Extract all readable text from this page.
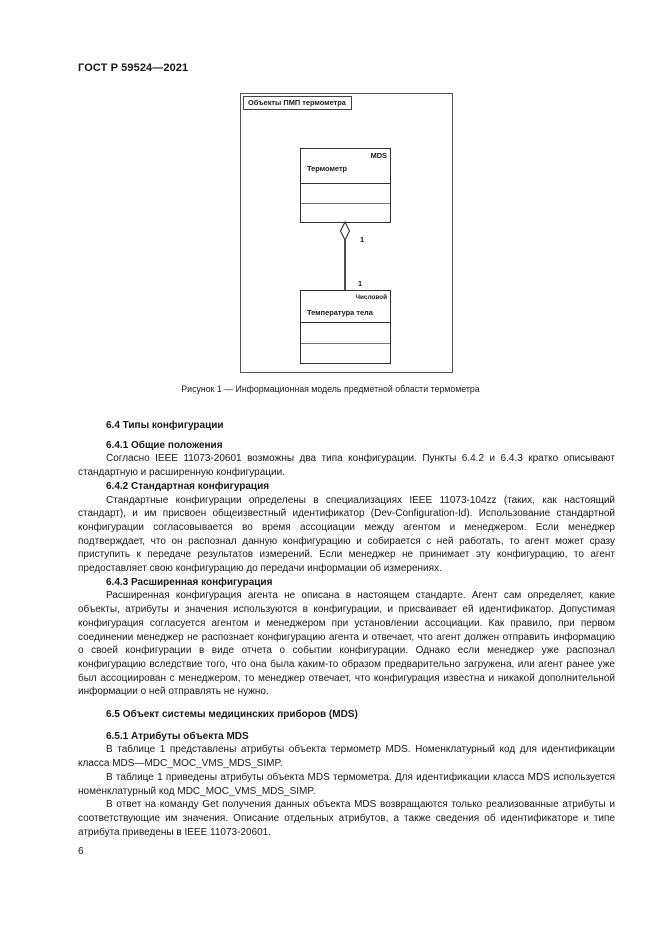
ГОСТ Р 59524—2021
Объекты ПМП термометра
MDS
Термометр
1
1
Числовой
Температура тела
Рисунок 1 — Информационная модель предметной области термометра
6.4 Типы конфигурации
6.4.1 Общие положения

Согласно IEEE 11073-20601 возможны два типа конфигурации. Пункты 6.4.2 и 6.4.3 кратко описывают стандартную и расширенную конфигурации.

6.4.2 Стандартная конфигурация

Стандартные конфигурации определены в специализациях IEEE 11073-104zz (таких, как настоящий стандарт), и им присвоен общеизвестный идентификатор (Dev-Configuration-Id). Использование стандартной конфигурации согласовывается во время ассоциации между агентом и менеджером. Если менеджер подтверждает, что он распознал данную конфигурацию и собирается с ней работать, то агент может сразу приступить к передаче результатов измерений. Если менеджер не принимает эту конфигурацию, то агент предоставляет свою конфигурацию до передачи информации об измерениях.

6.4.3 Расширенная конфигурация

Расширенная конфигурация агента не описана в настоящем стандарте. Агент сам определяет, какие объекты, атрибуты и значения используются в конфигурации, и присваивает ей идентификатор. Допустимая конфигурация согласуется агентом и менеджером при установлении ассоциации. Как правило, при первом соединении менеджер не распознает конфигурацию агента и отвечает, что агент должен отправить информацию о своей конфигурации в виде отчета о событии конфигурации. Однако если менеджер уже распознал конфигурацию вследствие того, что она была каким-то образом предварительно загружена, или агент ранее уже был ассоциирован с менеджером, то менеджер отвечает, что конфигурация известна и никакой дополнительной информации о ней отправлять не нужно.

6.5 Объект системы медицинских приборов (MDS)
6.5.1 Атрибуты объекта MDS

В таблице 1 представлены атрибуты объекта термометр MDS. Номенклатурный код для идентификации класса MDS—MDC_MOC_VMS_MDS_SIMP.

В таблице 1 приведены атрибуты объекта MDS термометра. Для идентификации класса MDS используется номенклатурный код MDC_MOC_VMS_MDS_SIMP.

В ответ на команду Get получения данных объекта MDS возвращаются только реализованные атрибуты и соответствующие им значения. Описание отдельных атрибутов, а также сведения об идентификаторе и типе атрибута приведены в IEEE 11073-20601.

6
